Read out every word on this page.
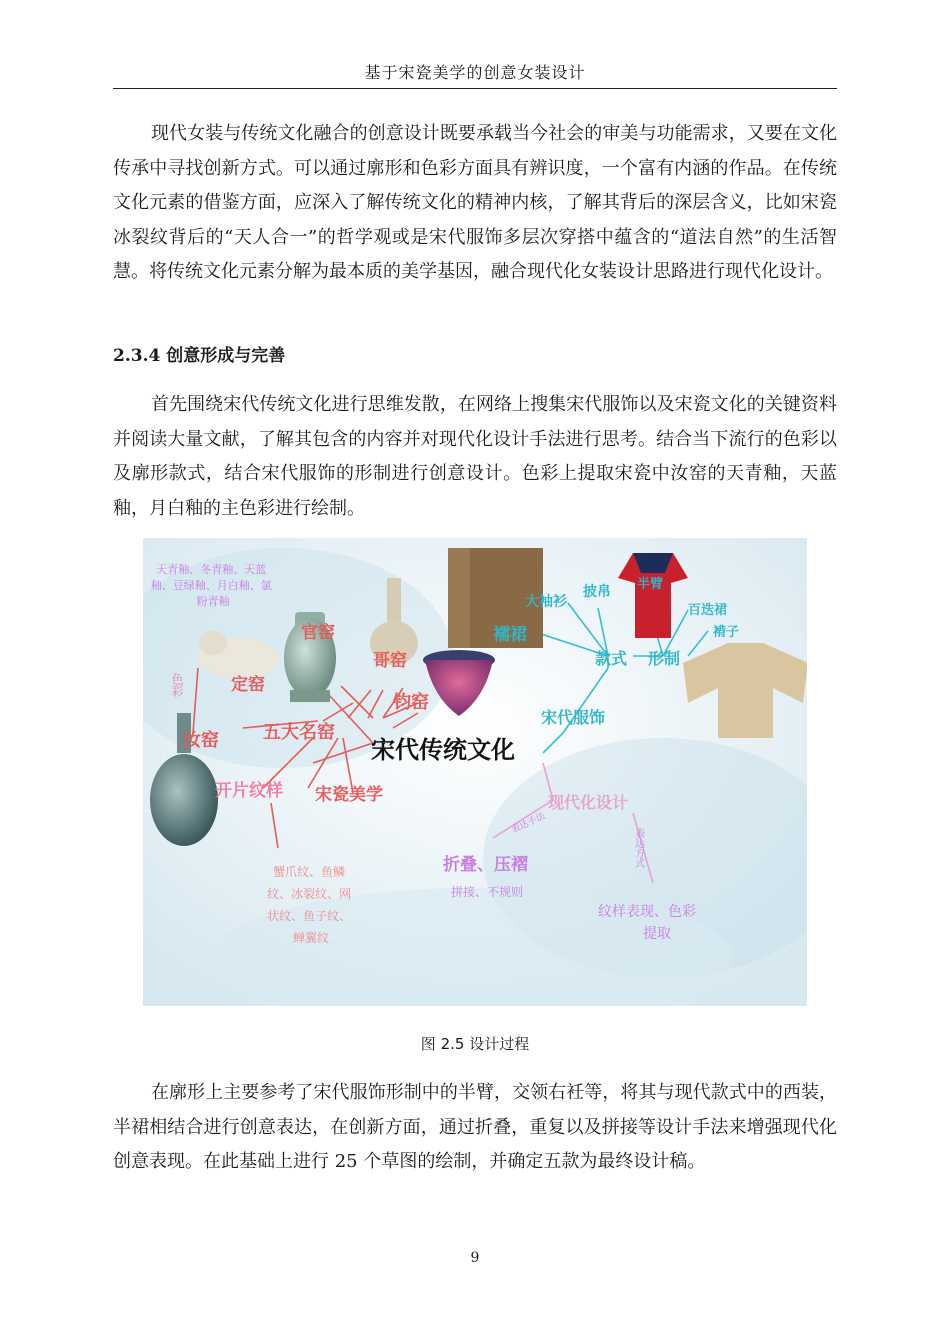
基于宋瓷美学的创意女装设计

现代女装与传统文化融合的创意设计既要承载当今社会的审美与功能需求，又要在文化传承中寻找创新方式。可以通过廓形和色彩方面具有辨识度，一个富有内涵的作品。在传统文化元素的借鉴方面，应深入了解传统文化的精神内核，了解其背后的深层含义，比如宋瓷冰裂纹背后的“天人合一”的哲学观或是宋代服饰多层次穿搭中蕴含的“道法自然”的生活智慧。将传统文化元素分解为最本质的美学基因，融合现代化女装设计思路进行现代化设计。

2.3.4 创意形成与完善

首先围绕宋代传统文化进行思维发散，在网络上搜集宋代服饰以及宋瓷文化的关键资料并阅读大量文献，了解其包含的内容并对现代化设计手法进行思考。结合当下流行的色彩以及廓形款式，结合宋代服饰的形制进行创意设计。色彩上提取宋瓷中汝窑的天青釉，天蓝釉，月白釉的主色彩进行绘制。

天青釉、冬青釉、天蓝 釉、豆绿釉、月白釉、氯 粉青釉
色彩
哥窑
官窑
定窑
钧窑
汝窑 五大名窑
宋代传统文化
开片纹样 宋瓷美学
蟹爪纹、鱼鳞 纹、冰裂纹、网 状纹、鱼子纹、 蝉翼纹
宋代服饰
款式 形制
大袖衫
披帛 半臂
百迭裙
褙子
襦裙
现代化设计
表达手法
折叠、压褶
拼接、不规则
表达方式
纹样表现、色彩 提取
图 2.5 设计过程

在廓形上主要参考了宋代服饰形制中的半臂，交领右衽等，将其与现代款式中的西装，半裙相结合进行创意表达，在创新方面，通过折叠，重复以及拼接等设计手法来增强现代化创意表现。在此基础上进行 25 个草图的绘制，并确定五款为最终设计稿。

9
